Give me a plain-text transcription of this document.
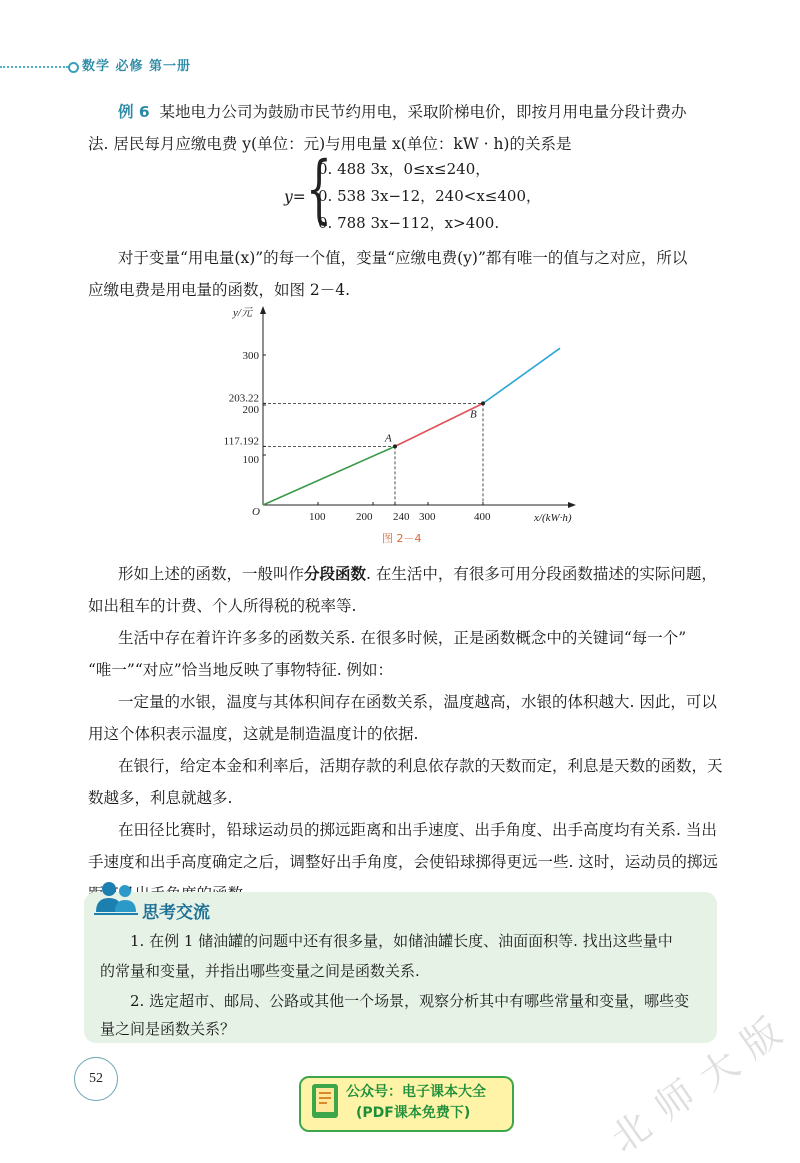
数学 必修 第一册
例 6 某地电力公司为鼓励市民节约用电，采取阶梯电价，即按月用电量分段计费办
法. 居民每月应缴电费 y(单位：元)与用电量 x(单位：kW · h)的关系是
y= {
0. 488 3x，0≤x≤240，
0. 538 3x−12，240<x≤400，
0. 788 3x−112，x>400.
对于变量“用电量(x)”的每一个值，变量“应缴电费(y)”都有唯一的值与之对应，所以
应缴电费是用电量的函数，如图 2－4.
y/元
x/(kW·h)
O	100	200 240 300	400
100
117.192
200
203.22
300
A
B
图 2－4
形如上述的函数，一般叫作分段函数. 在生活中，有很多可用分段函数描述的实际问题，
如出租车的计费、个人所得税的税率等.
生活中存在着许许多多的函数关系. 在很多时候，正是函数概念中的关键词“每一个”
“唯一”“对应”恰当地反映了事物特征. 例如：
一定量的水银，温度与其体积间存在函数关系，温度越高，水银的体积越大. 因此，可以
用这个体积表示温度，这就是制造温度计的依据.
在银行，给定本金和利率后，活期存款的利息依存款的天数而定，利息是天数的函数，天
数越多，利息就越多.
在田径比赛时，铅球运动员的掷远距离和出手速度、出手角度、出手高度均有关系. 当出
手速度和出手高度确定之后，调整好出手角度，会使铅球掷得更远一些. 这时，运动员的掷远
思考交流
1. 在例 1 储油罐的问题中还有很多量，如储油罐长度、油面面积等. 找出这些量中
的常量和变量，并指出哪些变量之间是函数关系.
2. 选定超市、邮局、公路或其他一个场景，观察分析其中有哪些常量和变量，哪些变
量之间是函数关系？
北
师
大
版
52
公众号：电子课本大全
(PDF课本免费下)
